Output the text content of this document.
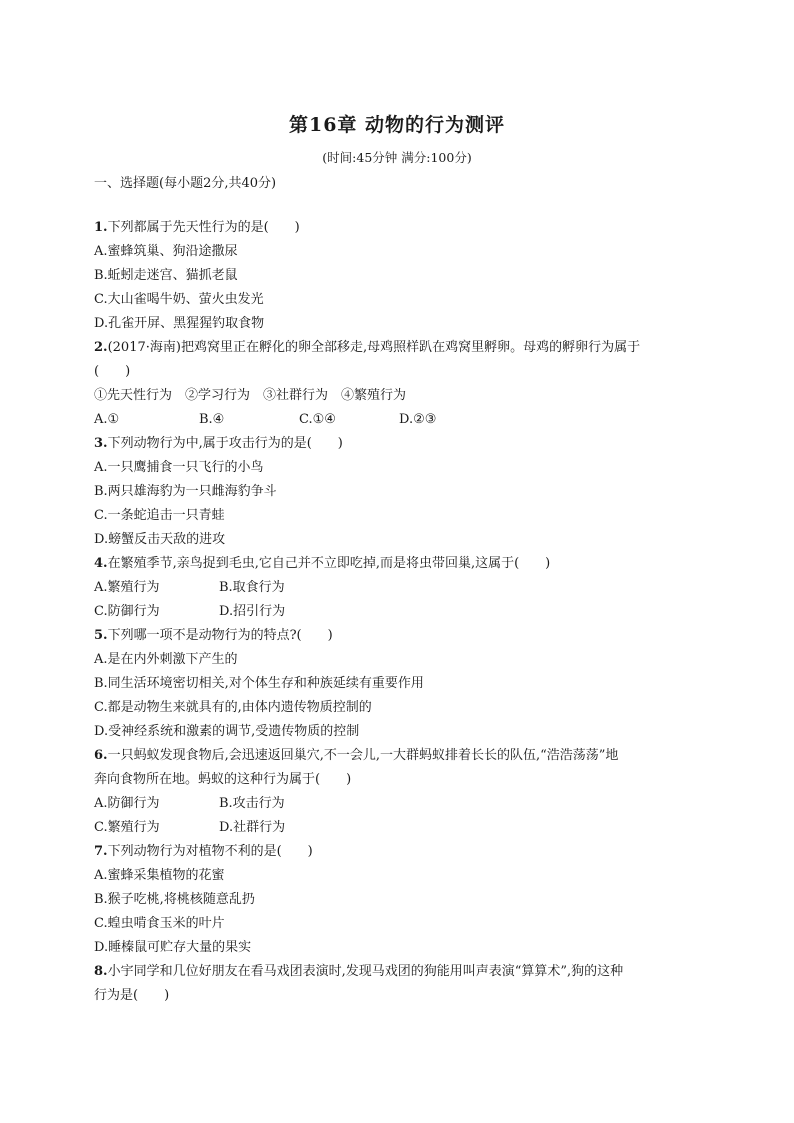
第16章 动物的行为测评
(时间:45分钟 满分:100分)
一、选择题(每小题2分,共40分)

1.下列都属于先天性行为的是(　　)

A.蜜蜂筑巢、狗沿途撒尿

B.蚯蚓走迷宫、猫抓老鼠

C.大山雀喝牛奶、萤火虫发光

D.孔雀开屏、黑猩猩钓取食物

2.(2017·海南)把鸡窝里正在孵化的卵全部移走,母鸡照样趴在鸡窝里孵卵。母鸡的孵卵行为属于

(　　)

①先天性行为　②学习行为　③社群行为　④繁殖行为

A.①	B.④	C.①④	D.②③

3.下列动物行为中,属于攻击行为的是(　　)

A.一只鹰捕食一只飞行的小鸟

B.两只雄海豹为一只雌海豹争斗

C.一条蛇追击一只青蛙

D.螃蟹反击天敌的进攻

4.在繁殖季节,亲鸟捉到毛虫,它自己并不立即吃掉,而是将虫带回巢,这属于(　　)

A.繁殖行为	B.取食行为

C.防御行为	D.招引行为

5.下列哪一项不是动物行为的特点?(　　)

A.是在内外刺激下产生的

B.同生活环境密切相关,对个体生存和种族延续有重要作用

C.都是动物生来就具有的,由体内遗传物质控制的

D.受神经系统和激素的调节,受遗传物质的控制

6.一只蚂蚁发现食物后,会迅速返回巢穴,不一会儿,一大群蚂蚁排着长长的队伍,“浩浩荡荡”地

奔向食物所在地。蚂蚁的这种行为属于(　　)

A.防御行为	B.攻击行为

C.繁殖行为	D.社群行为

7.下列动物行为对植物不利的是(　　)

A.蜜蜂采集植物的花蜜

B.猴子吃桃,将桃核随意乱扔

C.蝗虫啃食玉米的叶片

D.睡榛鼠可贮存大量的果实

8.小宇同学和几位好朋友在看马戏团表演时,发现马戏团的狗能用叫声表演“算算术”,狗的这种

行为是(　　)
